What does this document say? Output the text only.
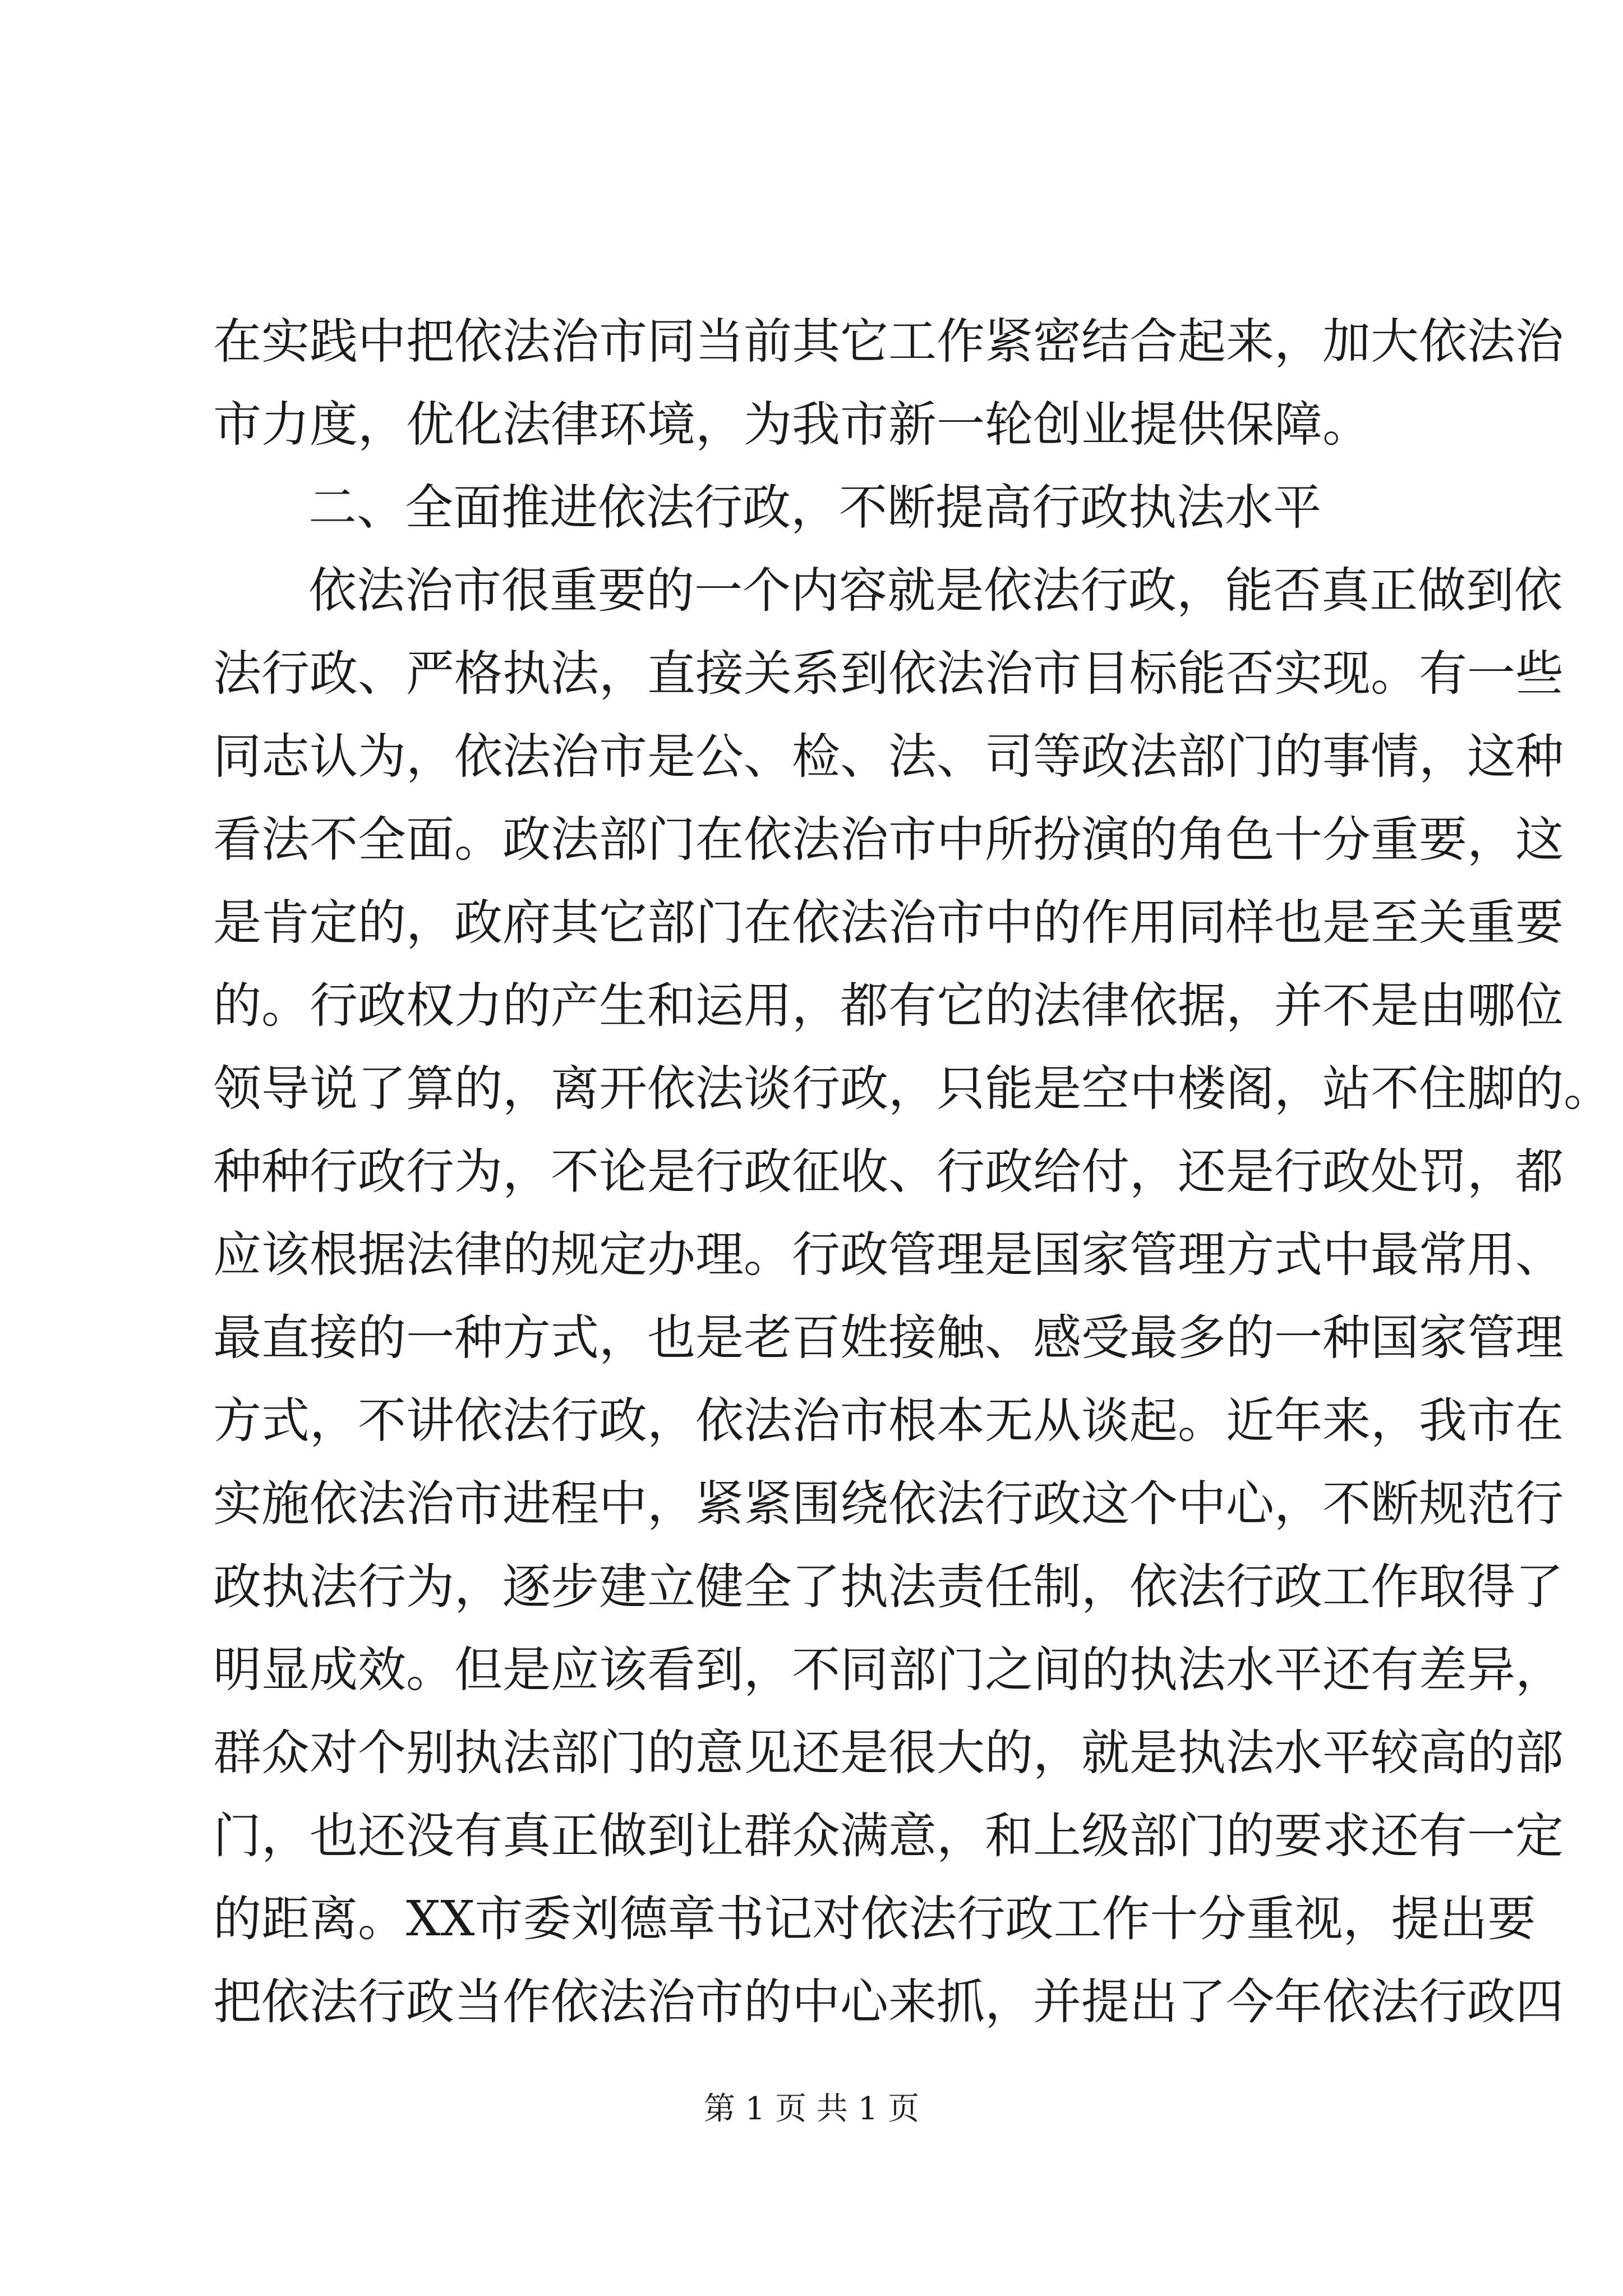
在实践中把依法治市同当前其它工作紧密结合起来，加大依法治
市力度，优化法律环境，为我市新一轮创业提供保障。
二、全面推进依法行政，不断提高行政执法水平
依法治市很重要的一个内容就是依法行政，能否真正做到依
法行政、严格执法，直接关系到依法治市目标能否实现。有一些
同志认为，依法治市是公、检、法、司等政法部门的事情，这种
看法不全面。政法部门在依法治市中所扮演的角色十分重要，这
是肯定的，政府其它部门在依法治市中的作用同样也是至关重要
的。行政权力的产生和运用，都有它的法律依据，并不是由哪位
领导说了算的，离开依法谈行政，只能是空中楼阁，站不住脚的。
种种行政行为，不论是行政征收、行政给付，还是行政处罚，都
应该根据法律的规定办理。行政管理是国家管理方式中最常用、
最直接的一种方式，也是老百姓接触、感受最多的一种国家管理
方式，不讲依法行政，依法治市根本无从谈起。近年来，我市在
实施依法治市进程中，紧紧围绕依法行政这个中心，不断规范行
政执法行为，逐步建立健全了执法责任制，依法行政工作取得了
明显成效。但是应该看到，不同部门之间的执法水平还有差异，
群众对个别执法部门的意见还是很大的，就是执法水平较高的部
门，也还没有真正做到让群众满意，和上级部门的要求还有一定
的距离。XX市委刘德章书记对依法行政工作十分重视，提出要
把依法行政当作依法治市的中心来抓，并提出了今年依法行政四
第 1 页 共 1 页
